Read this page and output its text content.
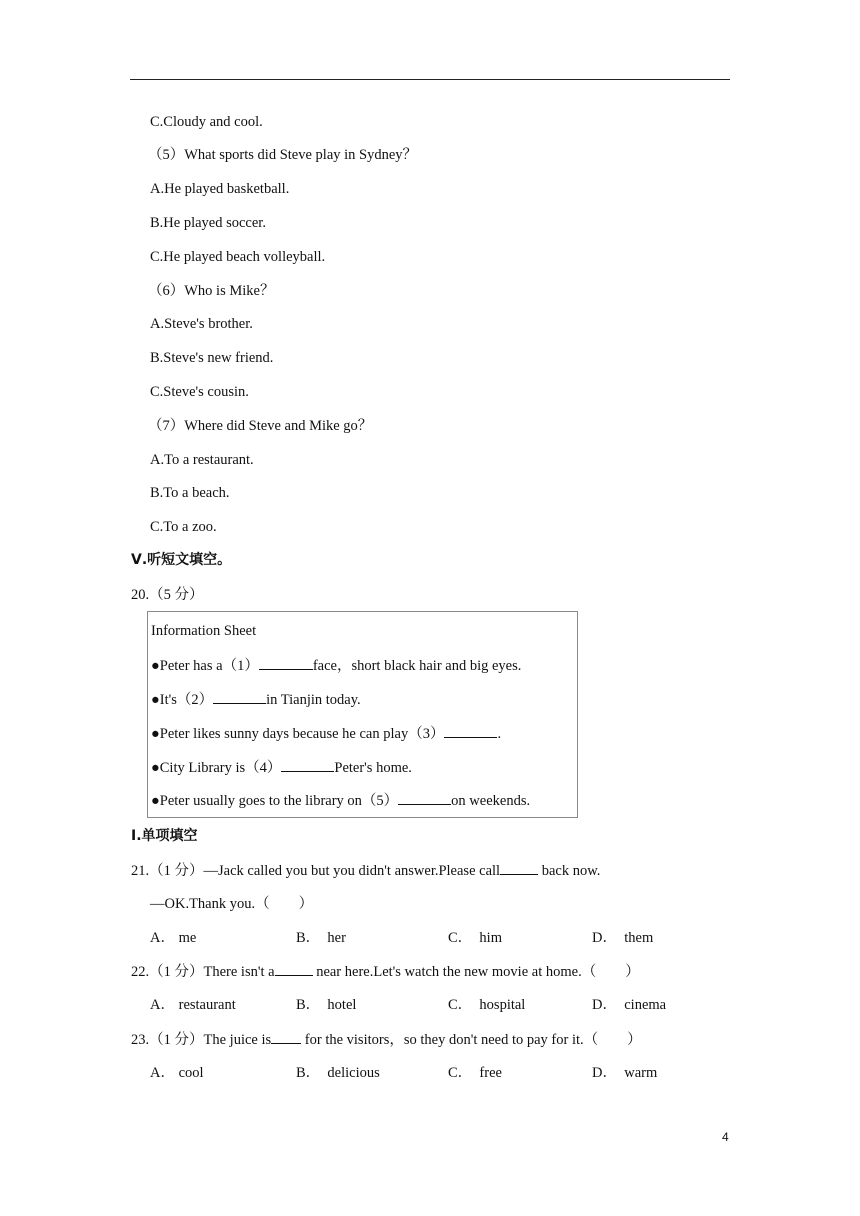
C.Cloudy and cool.
（5）What sports did Steve play in Sydney？
A.He played basketball.
B.He played soccer.
C.He played beach volleyball.
（6）Who is Mike？
A.Steve's brother.
B.Steve's new friend.
C.Steve's cousin.
（7）Where did Steve and Mike go？
A.To a restaurant.
B.To a beach.
C.To a zoo.
Ⅴ.听短文填空。
20.（5 分）
Information Sheet
●Peter has a（1）	face，short black hair and big eyes.
●It's（2）	in Tianjin today.
●Peter likes sunny days because he can play（3）	.
●City Library is（4）	Peter's home.
●Peter usually goes to the library on（5）	on weekends.
Ⅰ.单项填空
21.（1 分）—Jack called you but you didn't answer.Please call	back now.
—OK.Thank you.（　　）
A． me	B． her	C． him	D． them
22.（1 分）There isn't a	near here.Let's watch the new movie at home.（　　）
A． restaurant	B． hotel	C． hospital	D． cinema
23.（1 分）The juice is for the visitors，so they don't need to pay for it.（　　）
A． cool	B． delicious	C． free	D． warm
4
